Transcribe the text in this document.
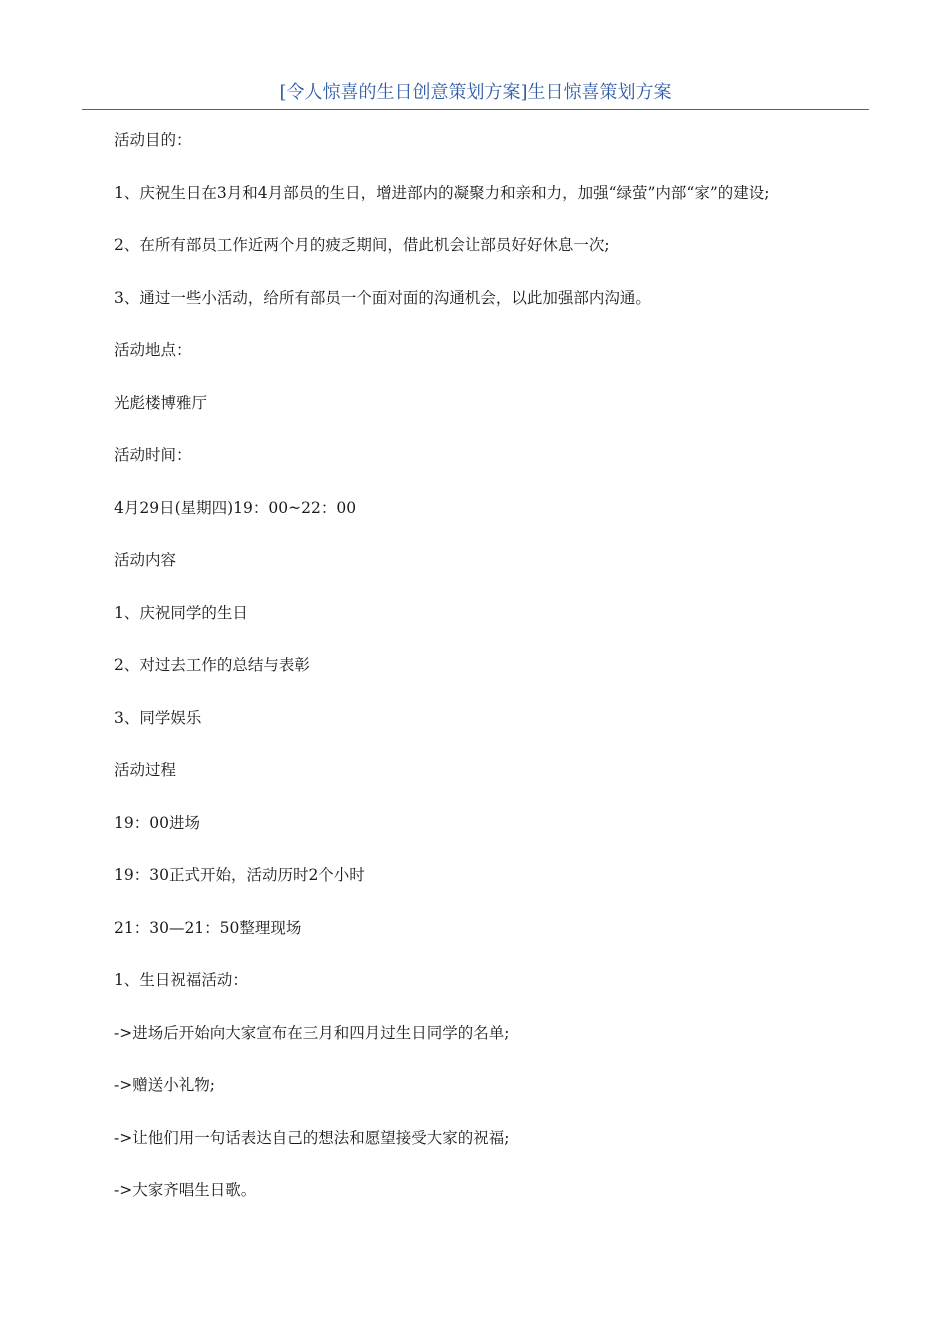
[令人惊喜的生日创意策划方案]生日惊喜策划方案

活动目的：

1、庆祝生日在3月和4月部员的生日，增进部内的凝聚力和亲和力，加强“绿萤”内部“家”的建设;

2、在所有部员工作近两个月的疲乏期间，借此机会让部员好好休息一次;

3、通过一些小活动，给所有部员一个面对面的沟通机会，以此加强部内沟通。

活动地点：

光彪楼博雅厅

活动时间：

4月29日(星期四)19：00~22：00

活动内容

1、庆祝同学的生日

2、对过去工作的总结与表彰

3、同学娱乐

活动过程

19：00进场

19：30正式开始，活动历时2个小时

21：30—21：50整理现场

1、生日祝福活动：

->进场后开始向大家宣布在三月和四月过生日同学的名单;

->赠送小礼物;

->让他们用一句话表达自己的想法和愿望接受大家的祝福;

->大家齐唱生日歌。
